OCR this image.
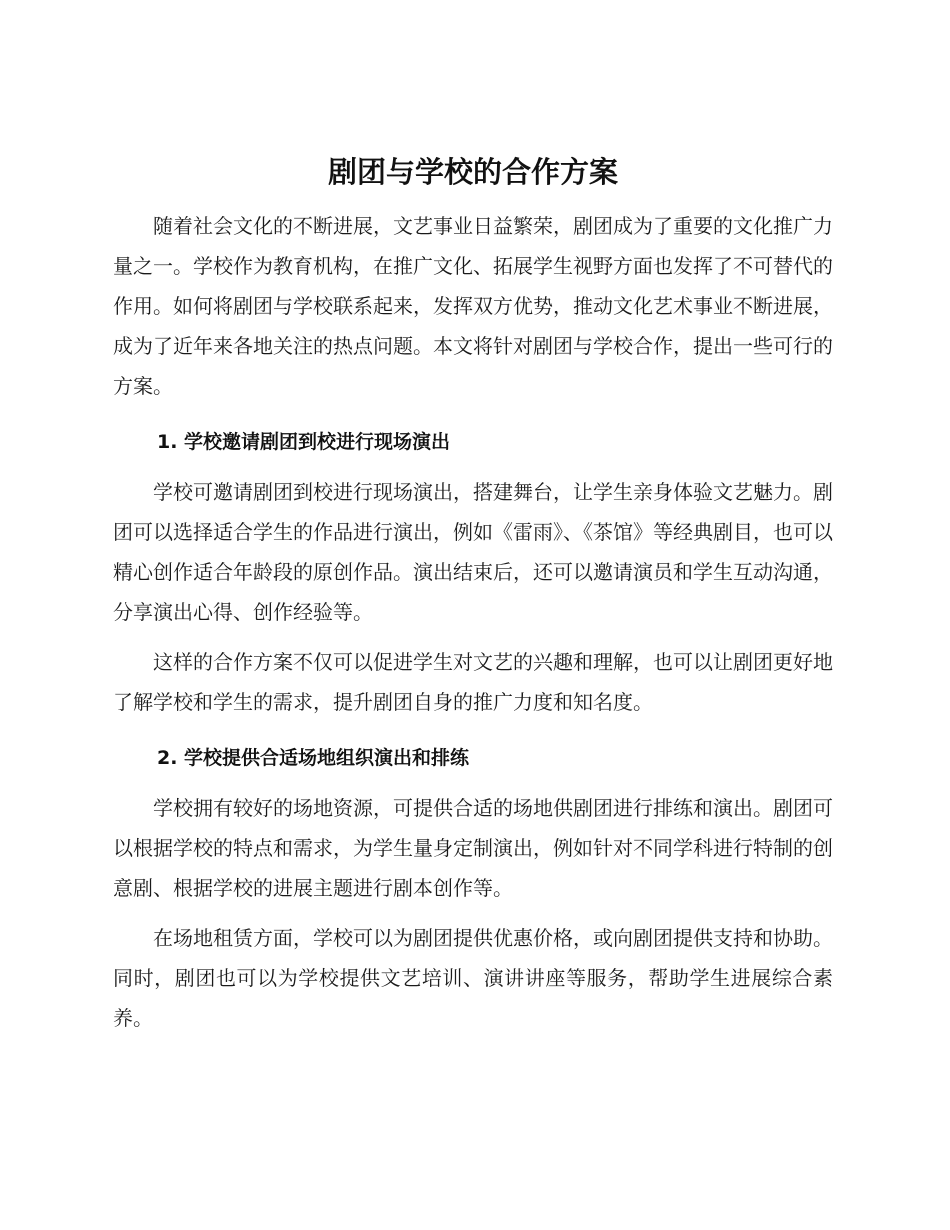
剧团与学校的合作方案

随着社会文化的不断进展，文艺事业日益繁荣，剧团成为了重要的文化推广力量之一。学校作为教育机构，在推广文化、拓展学生视野方面也发挥了不可替代的作用。如何将剧团与学校联系起来，发挥双方优势，推动文化艺术事业不断进展，成为了近年来各地关注的热点问题。本文将针对剧团与学校合作，提出一些可行的方案。

1. 学校邀请剧团到校进行现场演出

学校可邀请剧团到校进行现场演出，搭建舞台，让学生亲身体验文艺魅力。剧团可以选择适合学生的作品进行演出，例如《雷雨》、《茶馆》等经典剧目，也可以精心创作适合年龄段的原创作品。演出结束后，还可以邀请演员和学生互动沟通，分享演出心得、创作经验等。

这样的合作方案不仅可以促进学生对文艺的兴趣和理解，也可以让剧团更好地了解学校和学生的需求，提升剧团自身的推广力度和知名度。

2. 学校提供合适场地组织演出和排练

学校拥有较好的场地资源，可提供合适的场地供剧团进行排练和演出。剧团可以根据学校的特点和需求，为学生量身定制演出，例如针对不同学科进行特制的创意剧、根据学校的进展主题进行剧本创作等。

在场地租赁方面，学校可以为剧团提供优惠价格，或向剧团提供支持和协助。同时，剧团也可以为学校提供文艺培训、演讲讲座等服务，帮助学生进展综合素养。
